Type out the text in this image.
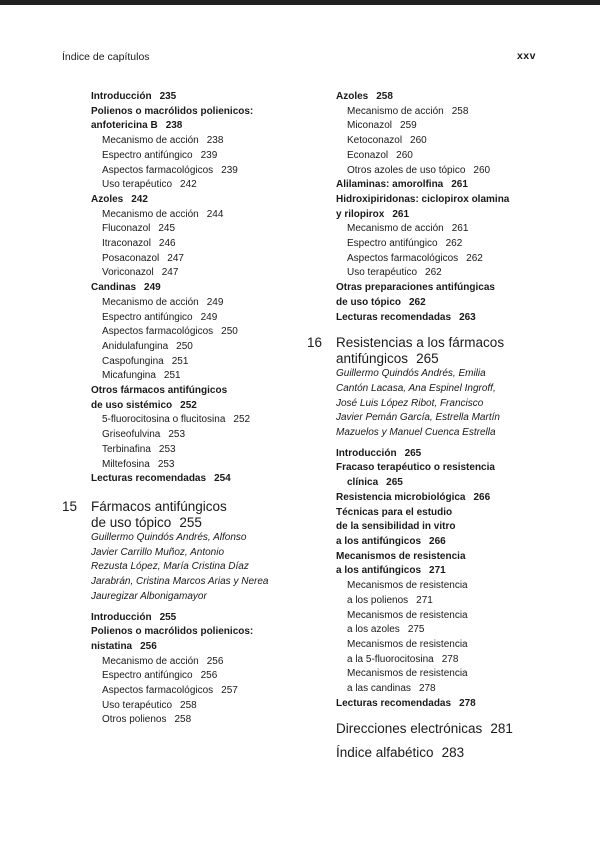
Índice de capítulos	xxv
Introducción 235
Polienos o macrólidos polienicos:
anfotericina B 238
Mecanismo de acción 238
Espectro antifúngico 239
Aspectos farmacológicos 239
Uso terapéutico 242
Azoles 242
Mecanismo de acción 244
Fluconazol 245
Itraconazol 246
Posaconazol 247
Voriconazol 247
Candinas 249
Mecanismo de acción 249
Espectro antifúngico 249
Aspectos farmacológicos 250
Anidulafungina 250
Caspofungina 251
Micafungina 251
Otros fármacos antifúngicos
de uso sistémico 252
5-fluorocitosina o flucitosina 252
Griseofulvina 253
Terbinafina 253
Miltefosina 253
Lecturas recomendadas 254
15 Fármacos antifúngicos
de uso tópico 255
Guillermo Quindós Andrés, Alfonso
Javier Carrillo Muñoz, Antonio
Rezusta López, María Cristina Díaz
Jarabrán, Cristina Marcos Arias y Nerea
Jauregizar Albonigamayor
Introducción 255
Polienos o macrólidos polienicos:
nistatina 256
Mecanismo de acción 256
Espectro antifúngico 256
Aspectos farmacológicos 257
Uso terapéutico 258
Otros polienos 258
Azoles 258
Mecanismo de acción 258
Miconazol 259
Ketoconazol 260
Econazol 260
Otros azoles de uso tópico 260
Alilaminas: amorolfina 261
Hidroxipiridonas: ciclopirox olamina
y rilopirox 261
Mecanismo de acción 261
Espectro antifúngico 262
Aspectos farmacológicos 262
Uso terapéutico 262
Otras preparaciones antifúngicas
de uso tópico 262
Lecturas recomendadas 263
16 Resistencias a los fármacos
antifúngicos 265
Guillermo Quindós Andrés, Emilia
Cantón Lacasa, Ana Espinel Ingroff,
José Luis López Ribot, Francisco
Javier Pemán García, Estrella Martín
Mazuelos y Manuel Cuenca Estrella
Introducción 265
Fracaso terapéutico o resistencia
clínica 265
Resistencia microbiológica 266
Técnicas para el estudio
de la sensibilidad in vitro
a los antifúngicos 266
Mecanismos de resistencia
a los antifúngicos 271
Mecanismos de resistencia
a los polienos 271
Mecanismos de resistencia
a los azoles 275
Mecanismos de resistencia
a la 5-fluorocitosina 278
Mecanismos de resistencia
a las candinas 278
Lecturas recomendadas 278
Direcciones electrónicas 281
Índice alfabético 283
